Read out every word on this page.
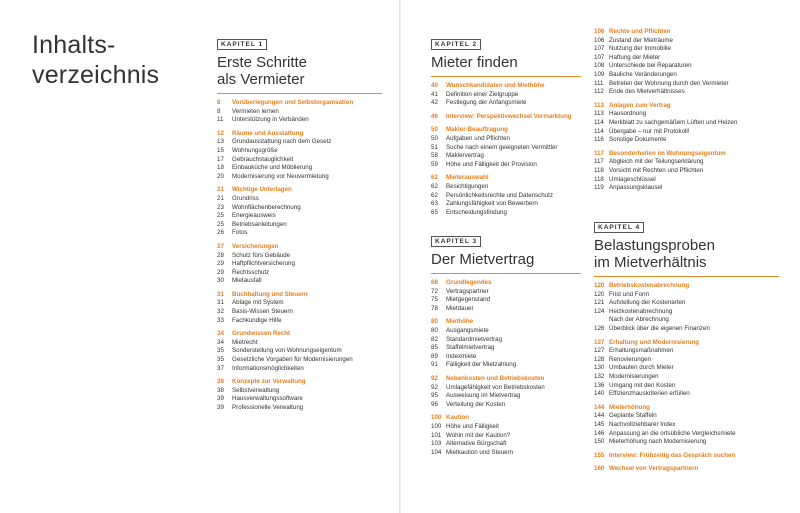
Inhalts-
verzeichnis
KAPITEL 1
Erste Schritte
als Vermieter
8	Vorüberlegungen und Selbstorganisation
8	Vermieten lernen
11	Unterstützung in Verbänden
12	Räume und Ausstattung
13	Grundausstattung nach dem Gesetz
15	Wohnungsgröße
17	Gebrauchstauglichkeit
18	Einbauküche und Möblierung
20	Modernisierung vor Neuvermietung
21	Wichtige Unterlagen
21	Grundriss
23	Wohnflächenberechnung
25	Energieausweis
25	Betriebsanleitungen
26	Fotos
27	Versicherungen
28	Schutz fürs Gebäude
29	Haftpflichtversicherung
29	Rechtsschutz
30	Mietausfall
31	Buchhaltung und Steuern
31	Ablage mit System
32	Basis-Wissen Steuern
33	Fachkundige Hilfe
34	Grundwissen Recht
34	Mietrecht
35	Sonderstellung von Wohnungseigentum
35	Gesetzliche Vorgaben für Modernisierungen
37	Informationsmöglichkeiten
38	Konzepte zur Verwaltung
38	Selbstverwaltung
39	Hausverwaltungssoftware
39	Professionelle Verwaltung
KAPITEL 2
Mieter finden
40	Wunschkandidaten und Miethöhe
41	Definition einer Zielgruppe
42	Festlegung der Anfangsmiete
46	Interview: Perspektivwechsel Vermarktung
50	Makler-Beauftragung
50	Aufgaben und Pflichten
51	Suche nach einem geeigneten Vermittler
58	Maklervertrag
59	Höhe und Fälligkeit der Provision
62	Mieterauswahl
62	Besichtigungen
62	Persönlichkeitsrechte und Datenschutz
63	Zahlungsfähigkeit von Bewerbern
65	Entscheidungsfindung
KAPITEL 3
Der Mietvertrag
68	Grundlegendes
72	Vertragspartner
75	Mietgegenstand
78	Mietdauer
80	Miethöhe
80	Ausgangsmiete
82	Standardmietvertrag
85	Staffelmietvertrag
89	Indexmiete
91	Fälligkeit der Mietzahlung
92	Nebenkosten und Betriebskosten
92	Umlagefähigkeit von Betriebskosten
95	Ausweisung im Mietvertrag
96	Verteilung der Kosten
100 Kaution
100 Höhe und Fälligkeit
101 Wohin mit der Kaution?
103 Alternative Bürgschaft
104 Mietkaution und Steuern
106 Rechte und Pflichten
106 Zustand der Mieträume
107 Nutzung der Immobilie
107 Haftung der Mieter
108 Unterschiede bei Reparaturen
109 Bauliche Veränderungen
111 Betreten der Wohnung durch den Vermieter
112 Ende des Mietverhältnisses
113 Anlagen zum Vertrag
113 Hausordnung
114 Merkblatt zu sachgemäßem Lüften und Heizen
114 Übergabe – nur mit Protokoll!
116 Sonstige Dokumente
117 Besonderheiten im Wohnungseigentum
117 Abgleich mit der Teilungserklärung
118 Vorsicht mit Rechten und Pflichten
118 Umlageschlüssel
119 Anpassungsklausel
KAPITEL 4
Belastungsproben
im Mietverhältnis
120 Betriebskostenabrechnung
120 Frist und Form
121 Aufstellung der Kostenarten
124 Heizkostenabrechnung
Nach der Abrechnung
126 Überblick über die eigenen Finanzen
127 Erhaltung und Modernisierung
127 Erhaltungsmaßnahmen
128 Renovierungen
130 Umbauten durch Mieter
132 Modernisierungen
136 Umgang mit den Kosten
140 Effizienzhauskriterien erfüllen
144 Mieterhöhung
144 Geplante Staffeln
145 Nachvollziehbarer Index
146 Anpassung an die ortsübliche Vergleichsmiete
150 Mieterhöhung nach Modernisierung
155 Interview: Frühzeitig das Gespräch suchen
160 Wechsel von Vertragspartnern
